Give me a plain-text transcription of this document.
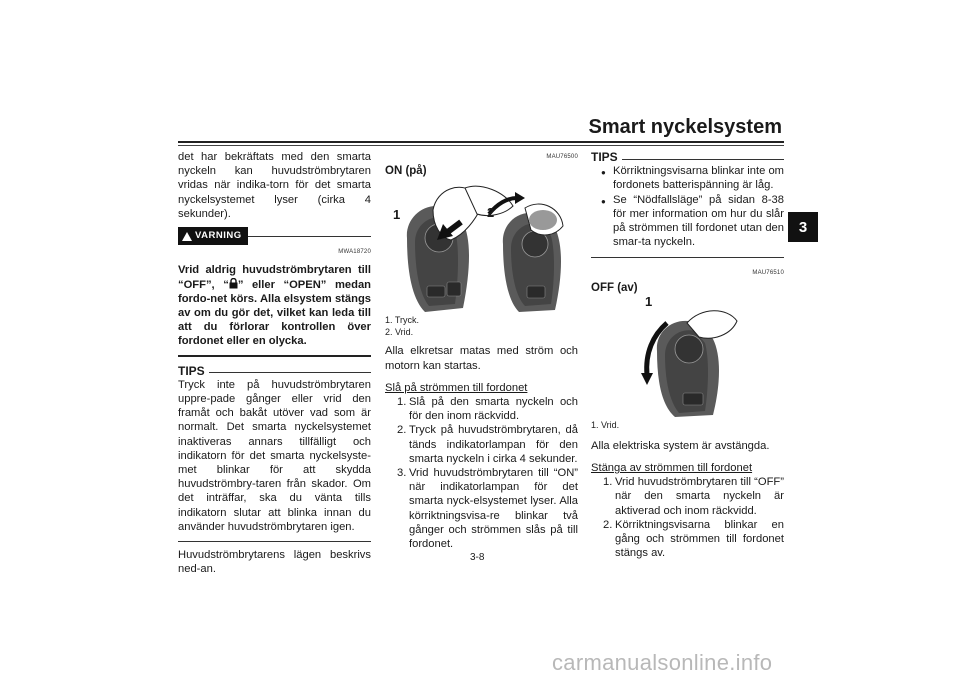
Smart nyckelsystem
3
det har bekräftats med den smarta nyckeln kan huvudströmbrytaren vridas när indika-torn för det smarta nyckelsystemet lyser (cirka 4 sekunder).
VARNING
MWA18720
Vrid aldrig huvudströmbrytaren till “OFF”, “ ” eller “OPEN” medan fordo-net körs. Alla elsystem stängs av om du gör det, vilket kan leda till att du förlorar kontrollen över fordonet eller en olycka.
TIPS
Tryck inte på huvudströmbrytaren uppre-pade gånger eller vrid den framåt och bakåt utöver vad som är normalt. Det smarta nyckelsystemet inaktiveras annars tillfälligt och indikatorn för det smarta nyckelsyste-met blinkar för att skydda huvudströmbry-taren från skador. Om det inträffar, ska du vänta tills indikatorn slutar att blinka innan du använder huvudströmbrytaren igen.
Huvudströmbrytarens lägen beskrivs ned-an.
MAU76500
ON (på)
1	2
1. Tryck.
2. Vrid.
Alla elkretsar matas med ström och motorn kan startas.
Slå på strömmen till fordonet
1. Slå på den smarta nyckeln och för den inom räckvidd.
2. Tryck på huvudströmbrytaren, då tänds indikatorlampan för den smarta nyckeln i cirka 4 sekunder.
3. Vrid huvudströmbrytaren till “ON” när indikatorlampan för det smarta nyck-elsystemet lyser. Alla körriktningsvisa-re blinkar två gånger och strömmen slås på till fordonet.
TIPS
● Körriktningsvisarna blinkar inte om fordonets batterispänning är låg.
● Se “Nödfallsläge” på sidan 8-38 för mer information om hur du slår på strömmen till fordonet utan den smar-ta nyckeln.
MAU76510
OFF (av)
1
1. Vrid.
Alla elektriska system är avstängda.
Stänga av strömmen till fordonet
1. Vrid huvudströmbrytaren till “OFF” när den smarta nyckeln är aktiverad och inom räckvidd.
2. Körriktningsvisarna blinkar en gång och strömmen till fordonet stängs av.
3-8
carmanualsonline.info
